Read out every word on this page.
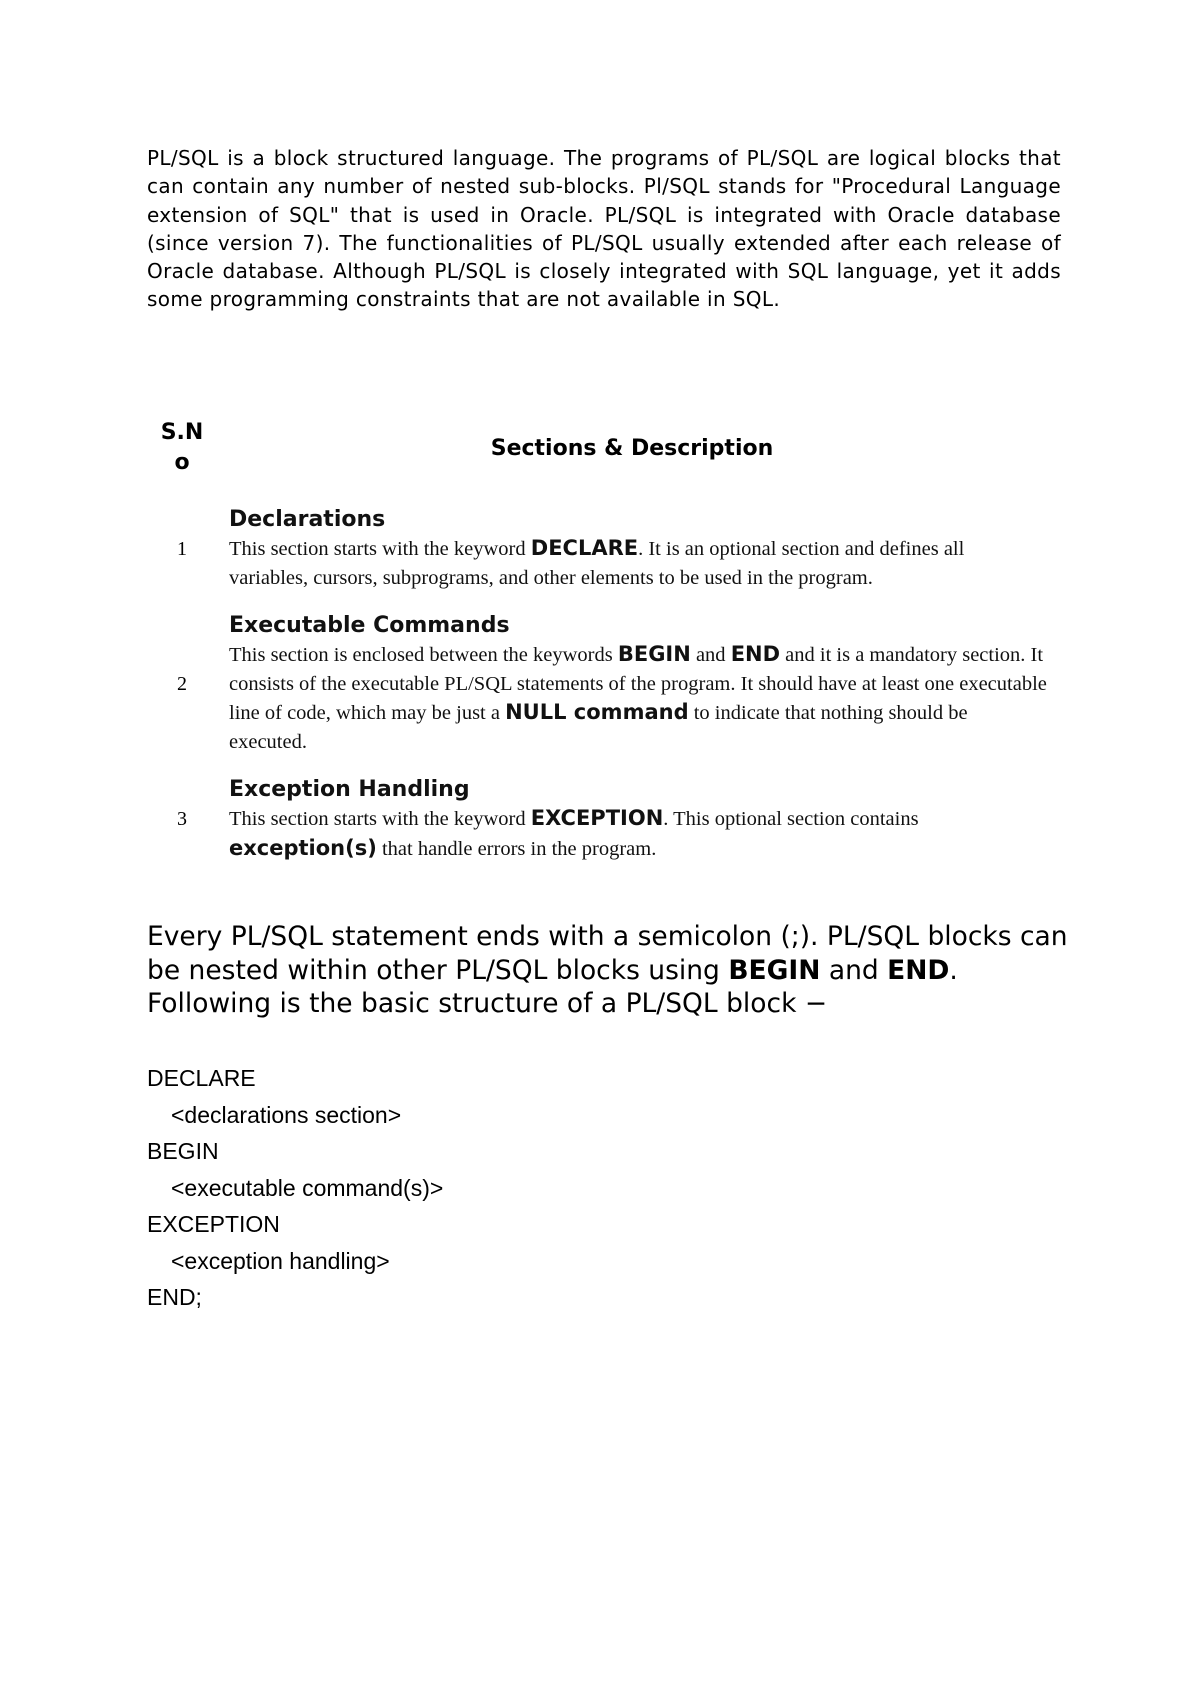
PL/SQL is a block structured language. The programs of PL/SQL are logical blocks that can contain any number of nested sub-blocks. Pl/SQL stands for "Procedural Language extension of SQL" that is used in Oracle. PL/SQL is integrated with Oracle database (since version 7). The functionalities of PL/SQL usually extended after each release of Oracle database. Although PL/SQL is closely integrated with SQL language, yet it adds some programming constraints that are not available in SQL.

S.N
o	Sections & Description
1	Declarations
This section starts with the keyword DECLARE. It is an optional section and defines all variables, cursors, subprograms, and other elements to be used in the program.
2	Executable Commands
This section is enclosed between the keywords BEGIN and END and it is a mandatory section. It consists of the executable PL/SQL statements of the program. It should have at least one executable line of code, which may be just a NULL command to indicate that nothing should be executed.
3	Exception Handling
This section starts with the keyword EXCEPTION. This optional section contains exception(s) that handle errors in the program.

Every PL/SQL statement ends with a semicolon (;). PL/SQL blocks can be nested within other PL/SQL blocks using BEGIN and END. Following is the basic structure of a PL/SQL block −

DECLARE
<declarations section>
BEGIN
<executable command(s)>
EXCEPTION
<exception handling>
END;
